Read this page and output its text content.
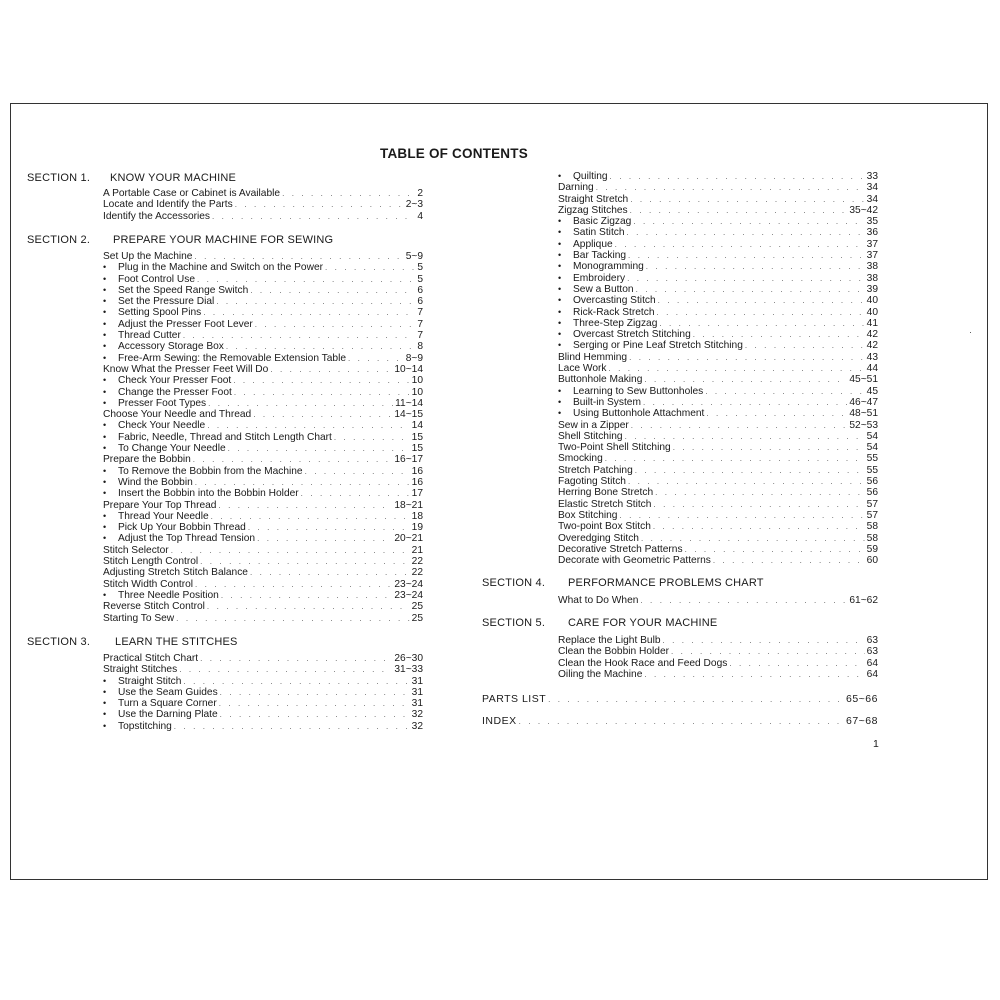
TABLE OF CONTENTS
SECTION 1. KNOW YOUR MACHINE
A Portable Case or Cabinet is Available . . .	2
Locate and Identify the Parts . . .	2~3
Identify the Accessories . . .	4
SECTION 2. PREPARE YOUR MACHINE FOR SEWING
Set Up the Machine . . .	5~9
• Plug in the Machine and Switch on the Power . . .	5
• Foot Control Use . . .	5
• Set the Speed Range Switch . . .	6
• Set the Pressure Dial . . .	6
• Setting Spool Pins . . .	7
• Adjust the Presser Foot Lever . . .	7
• Thread Cutter . . .	7
• Accessory Storage Box . . .	8
• Free-Arm Sewing: the Removable Extension Table . . .	8~9
Know What the Presser Feet Will Do . . .	10~14
• Check Your Presser Foot . . .	10
• Change the Presser Foot . . .	10
• Presser Foot Types . . .	11~14
Choose Your Needle and Thread . . .	14~15
• Check Your Needle . . .	14
• Fabric, Needle, Thread and Stitch Length Chart . . .	15
• To Change Your Needle . . .	15
Prepare the Bobbin . . .	16~17
• To Remove the Bobbin from the Machine . . .	16
• Wind the Bobbin . . .	16
• Insert the Bobbin into the Bobbin Holder . . .	17
Prepare Your Top Thread . . .	18~21
• Thread Your Needle . . .	18
• Pick Up Your Bobbin Thread . . .	19
• Adjust the Top Thread Tension . . .	20~21
Stitch Selector . . .	21
Stitch Length Control . . .	22
Adjusting Stretch Stitch Balance . . .	22
Stitch Width Control . . .	23~24
• Three Needle Position . . .	23~24
Reverse Stitch Control . . .	25
Starting To Sew . . .	25
SECTION 3. LEARN THE STITCHES
Practical Stitch Chart . . .	26~30
Straight Stitches . . .	31~33
• Straight Stitch . . .	31
• Use the Seam Guides . . .	31
• Turn a Square Corner . . .	31
• Use the Darning Plate . . .	32
• Topstitching . . .	32
• Quilting . . .	33
Darning . . .	34
Straight Stretch . . .	34
Zigzag Stitches . . .	35~42
• Basic Zigzag . . .	35
• Satin Stitch . . .	36
• Applique . . .	37
• Bar Tacking . . .	37
• Monogramming . . .	38
• Embroidery . . .	38
• Sew a Button . . .	39
• Overcasting Stitch . . .	40
• Rick-Rack Stretch . . .	40
• Three-Step Zigzag . . .	41
• Overcast Stretch Stitching . . .	42
• Serging or Pine Leaf Stretch Stitching . . .	42
Blind Hemming . . .	43
Lace Work . . .	44
Buttonhole Making . . .	45~51
• Learning to Sew Buttonholes . . .	45
• Built-in System . . .	46~47
• Using Buttonhole Attachment . . .	48~51
Sew in a Zipper . . .	52~53
Shell Stitching . . .	54
Two-Point Shell Stitching . . .	54
Smocking . . .	55
Stretch Patching . . .	55
Fagoting Stitch . . .	56
Herring Bone Stretch . . .	56
Elastic Stretch Stitch . . .	57
Box Stitching . . .	57
Two-point Box Stitch . . .	58
Overedging Stitch . . .	58
Decorative Stretch Patterns . . .	59
Decorate with Geometric Patterns . . .	60
SECTION 4. PERFORMANCE PROBLEMS CHART
What to Do When . . .	61~62
SECTION 5. CARE FOR YOUR MACHINE
Replace the Light Bulb . . .	63
Clean the Bobbin Holder . . .	63
Clean the Hook Race and Feed Dogs . . .	64
Oiling the Machine . . .	64
PARTS LIST . . .	65~66
INDEX . . .	67~68
1
·
